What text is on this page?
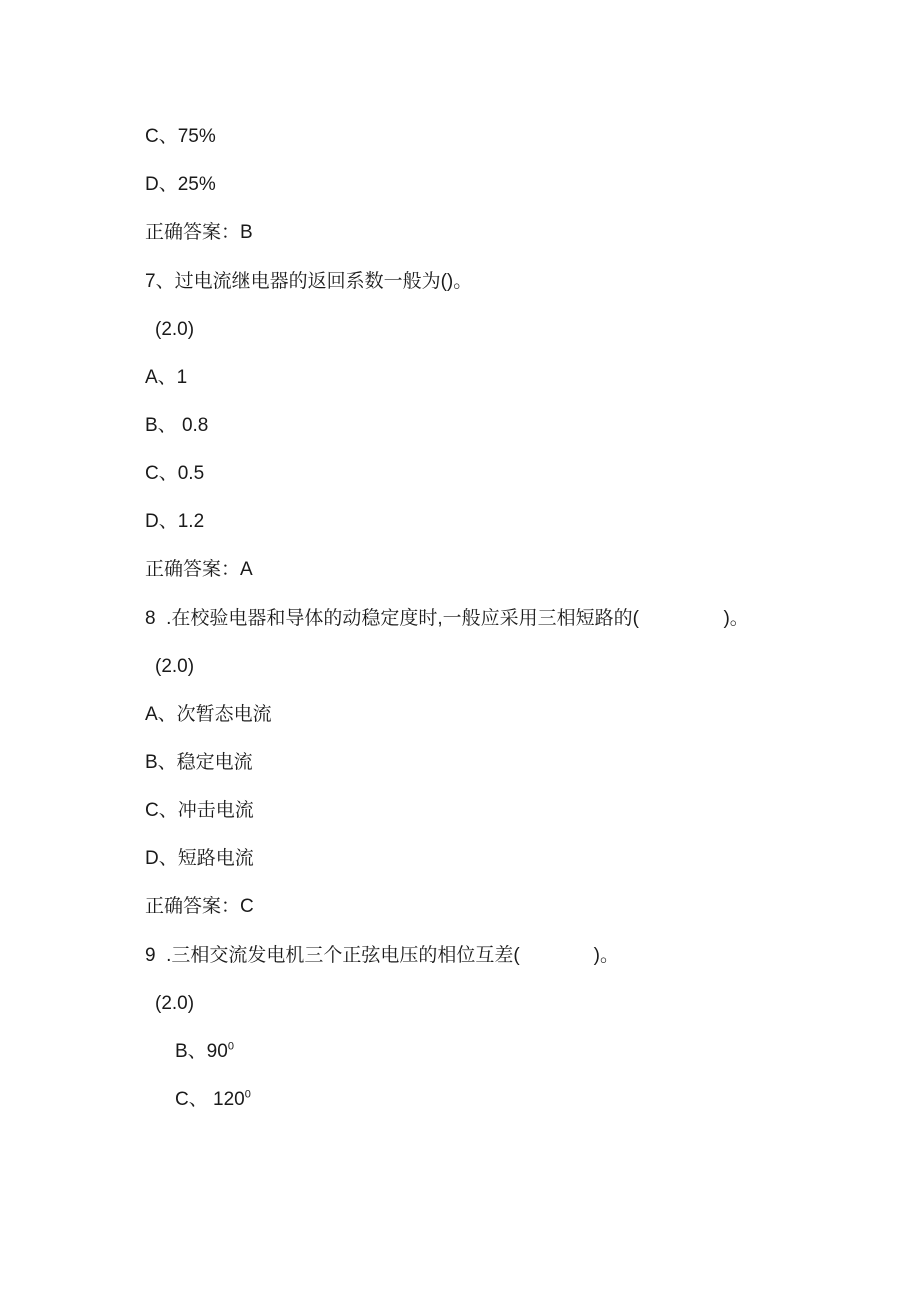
C、75%
D、25%
正确答案：B
7、过电流继电器的返回系数一般为()。
(2.0)
A、1
B、 0.8
C、0.5
D、1.2
正确答案：A
8  .在校验电器和导体的动稳定度时,一般应采用三相短路的(                )。
(2.0)
A、次暂态电流
B、稳定电流
C、冲击电流
D、短路电流
正确答案：C
9  .三相交流发电机三个正弦电压的相位互差(              )。
(2.0)
B、$90^0$
C、 $120^0$
